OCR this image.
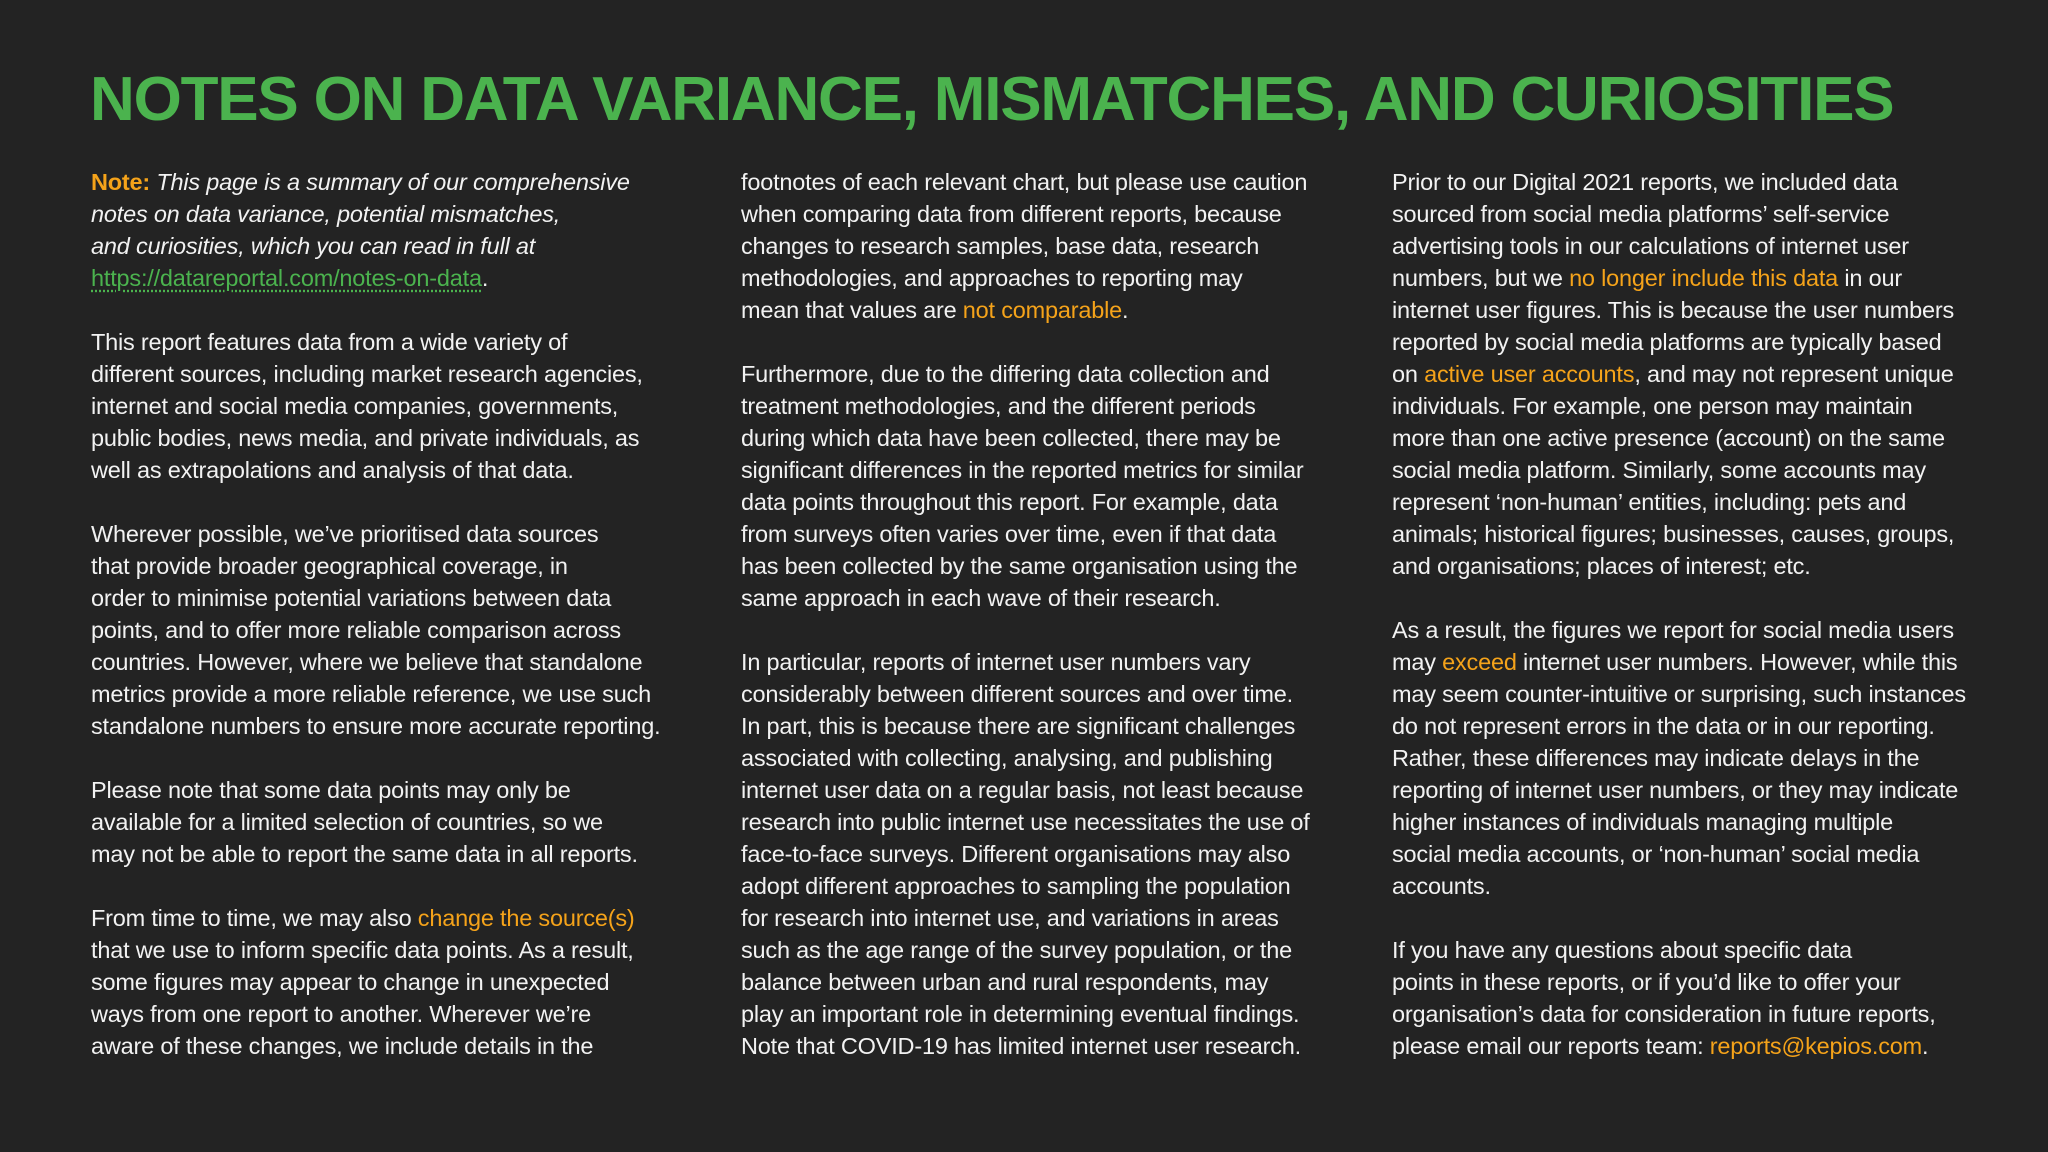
NOTES ON DATA VARIANCE, MISMATCHES, AND CURIOSITIES

Note: This page is a summary of our comprehensive
notes on data variance, potential mismatches,
and curiosities, which you can read in full at
https://datareportal.com/notes-on-data.

This report features data from a wide variety of
different sources, including market research agencies,
internet and social media companies, governments,
public bodies, news media, and private individuals, as
well as extrapolations and analysis of that data.

Wherever possible, we’ve prioritised data sources
that provide broader geographical coverage, in
order to minimise potential variations between data
points, and to offer more reliable comparison across
countries. However, where we believe that standalone
metrics provide a more reliable reference, we use such
standalone numbers to ensure more accurate reporting.

Please note that some data points may only be
available for a limited selection of countries, so we
may not be able to report the same data in all reports.

From time to time, we may also change the source(s)
that we use to inform specific data points. As a result,
some figures may appear to change in unexpected
ways from one report to another. Wherever we’re
aware of these changes, we include details in the

footnotes of each relevant chart, but please use caution
when comparing data from different reports, because
changes to research samples, base data, research
methodologies, and approaches to reporting may
mean that values are not comparable.

Furthermore, due to the differing data collection and
treatment methodologies, and the different periods
during which data have been collected, there may be
significant differences in the reported metrics for similar
data points throughout this report. For example, data
from surveys often varies over time, even if that data
has been collected by the same organisation using the
same approach in each wave of their research.

In particular, reports of internet user numbers vary
considerably between different sources and over time.
In part, this is because there are significant challenges
associated with collecting, analysing, and publishing
internet user data on a regular basis, not least because
research into public internet use necessitates the use of
face-to-face surveys. Different organisations may also
adopt different approaches to sampling the population
for research into internet use, and variations in areas
such as the age range of the survey population, or the
balance between urban and rural respondents, may
play an important role in determining eventual findings.
Note that COVID-19 has limited internet user research.

Prior to our Digital 2021 reports, we included data
sourced from social media platforms’ self-service
advertising tools in our calculations of internet user
numbers, but we no longer include this data in our
internet user figures. This is because the user numbers
reported by social media platforms are typically based
on active user accounts, and may not represent unique
individuals. For example, one person may maintain
more than one active presence (account) on the same
social media platform. Similarly, some accounts may
represent ‘non-human’ entities, including: pets and
animals; historical figures; businesses, causes, groups,
and organisations; places of interest; etc.

As a result, the figures we report for social media users
may exceed internet user numbers. However, while this
may seem counter-intuitive or surprising, such instances
do not represent errors in the data or in our reporting.
Rather, these differences may indicate delays in the
reporting of internet user numbers, or they may indicate
higher instances of individuals managing multiple
social media accounts, or ‘non-human’ social media
accounts.

If you have any questions about specific data
points in these reports, or if you’d like to offer your
organisation’s data for consideration in future reports,
please email our reports team: reports@kepios.com.
